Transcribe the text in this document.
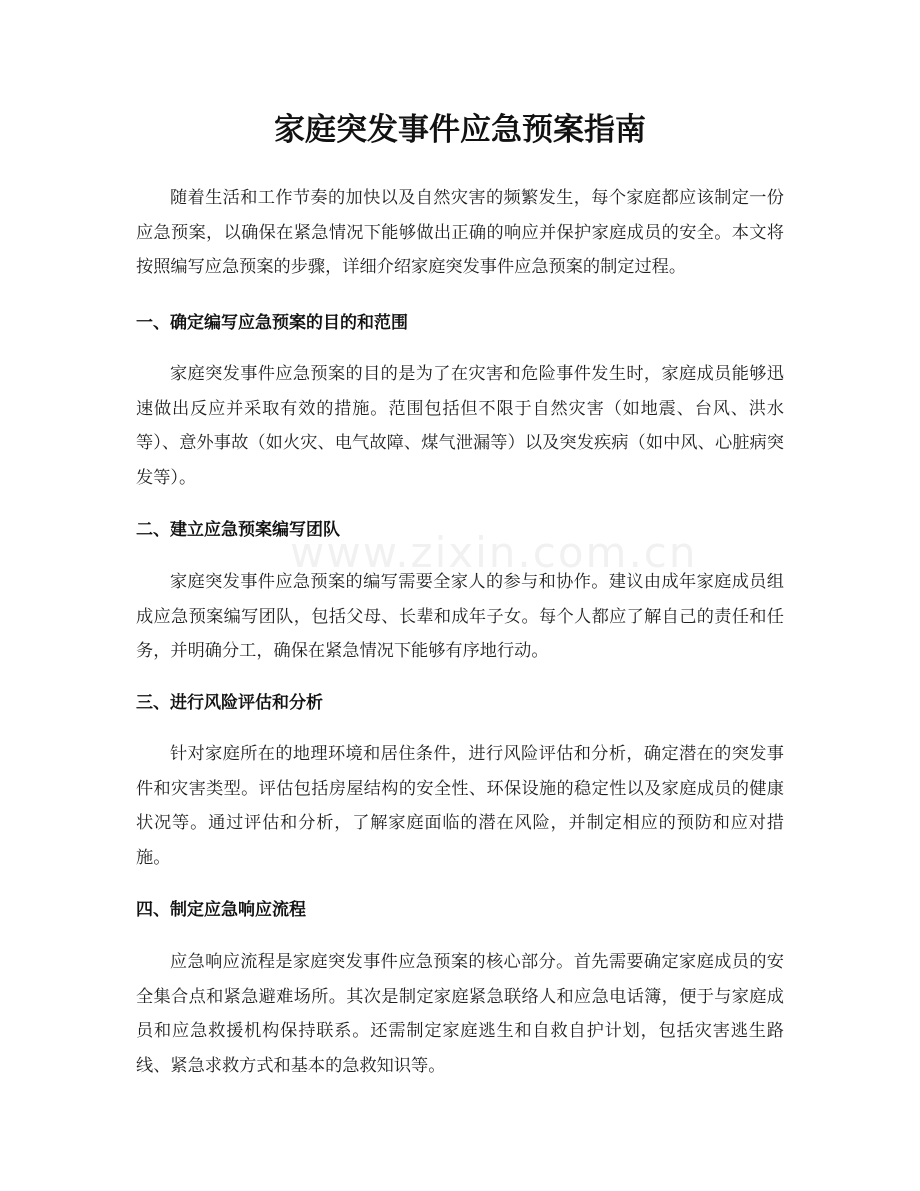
家庭突发事件应急预案指南

随着生活和工作节奏的加快以及自然灾害的频繁发生，每个家庭都应该制定一份应急预案，以确保在紧急情况下能够做出正确的响应并保护家庭成员的安全。本文将按照编写应急预案的步骤，详细介绍家庭突发事件应急预案的制定过程。

一、确定编写应急预案的目的和范围

家庭突发事件应急预案的目的是为了在灾害和危险事件发生时，家庭成员能够迅速做出反应并采取有效的措施。范围包括但不限于自然灾害（如地震、台风、洪水等）、意外事故（如火灾、电气故障、煤气泄漏等）以及突发疾病（如中风、心脏病突发等）。

二、建立应急预案编写团队

家庭突发事件应急预案的编写需要全家人的参与和协作。建议由成年家庭成员组成应急预案编写团队，包括父母、长辈和成年子女。每个人都应了解自己的责任和任务，并明确分工，确保在紧急情况下能够有序地行动。

三、进行风险评估和分析

针对家庭所在的地理环境和居住条件，进行风险评估和分析，确定潜在的突发事件和灾害类型。评估包括房屋结构的安全性、环保设施的稳定性以及家庭成员的健康状况等。通过评估和分析，了解家庭面临的潜在风险，并制定相应的预防和应对措施。

四、制定应急响应流程

应急响应流程是家庭突发事件应急预案的核心部分。首先需要确定家庭成员的安全集合点和紧急避难场所。其次是制定家庭紧急联络人和应急电话簿，便于与家庭成员和应急救援机构保持联系。还需制定家庭逃生和自救自护计划，包括灾害逃生路线、紧急求救方式和基本的急救知识等。

www.zixin.com.cn
